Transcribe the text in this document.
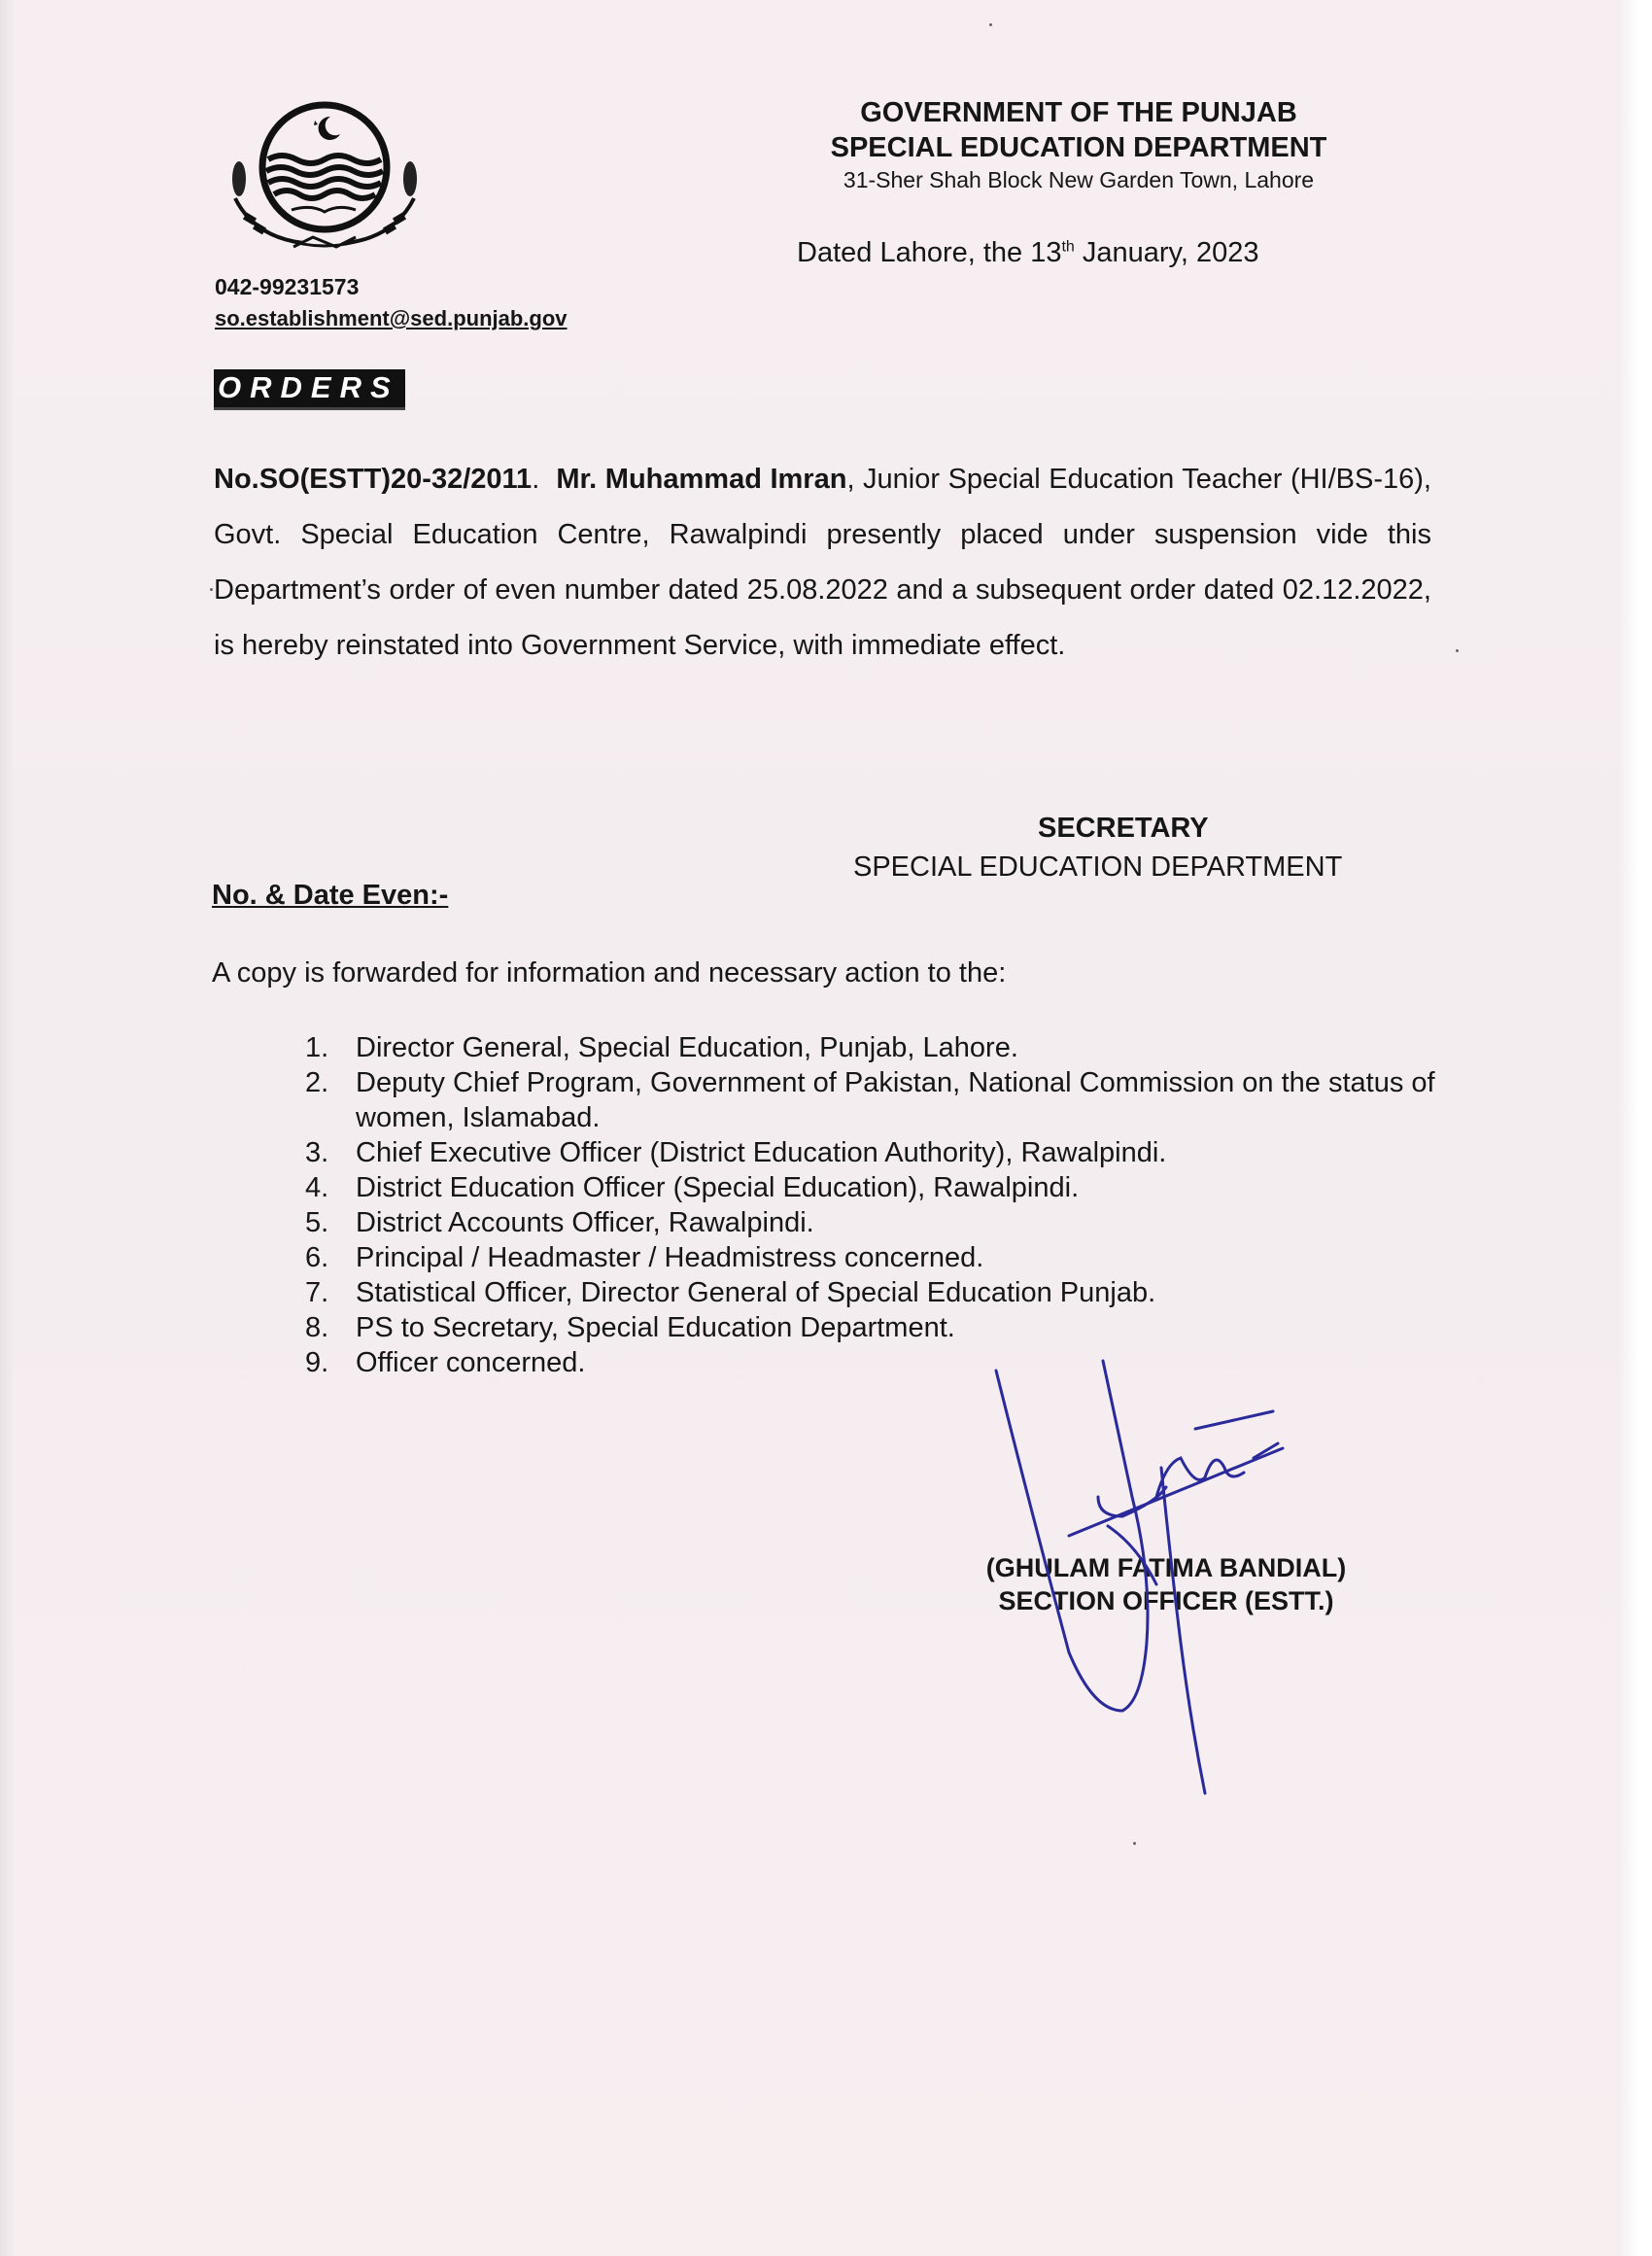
042-99231573
so.establishment@sed.punjab.gov
GOVERNMENT OF THE PUNJAB
SPECIAL EDUCATION DEPARTMENT
31-Sher Shah Block New Garden Town, Lahore
Dated Lahore, the 13th January, 2023
ORDERS
No.SO(ESTT)20-32/2011.  Mr. Muhammad Imran, Junior Special Education Teacher (HI/BS-16), Govt. Special Education Centre, Rawalpindi presently placed under suspension vide this Department’s order of even number dated 25.08.2022 and a subsequent order dated 02.12.2022, is hereby reinstated into Government Service, with immediate effect.
SECRETARY
SPECIAL EDUCATION DEPARTMENT
No. & Date Even:-
A copy is forwarded for information and necessary action to the:
1. Director General, Special Education, Punjab, Lahore.
2. Deputy Chief Program, Government of Pakistan, National Commission on the status of women, Islamabad.
3. Chief Executive Officer (District Education Authority), Rawalpindi.
4. District Education Officer (Special Education), Rawalpindi.
5. District Accounts Officer, Rawalpindi.
6. Principal / Headmaster / Headmistress concerned.
7. Statistical Officer, Director General of Special Education Punjab.
8. PS to Secretary, Special Education Department.
9. Officer concerned.
(GHULAM FATIMA BANDIAL)
SECTION OFFICER (ESTT.)
